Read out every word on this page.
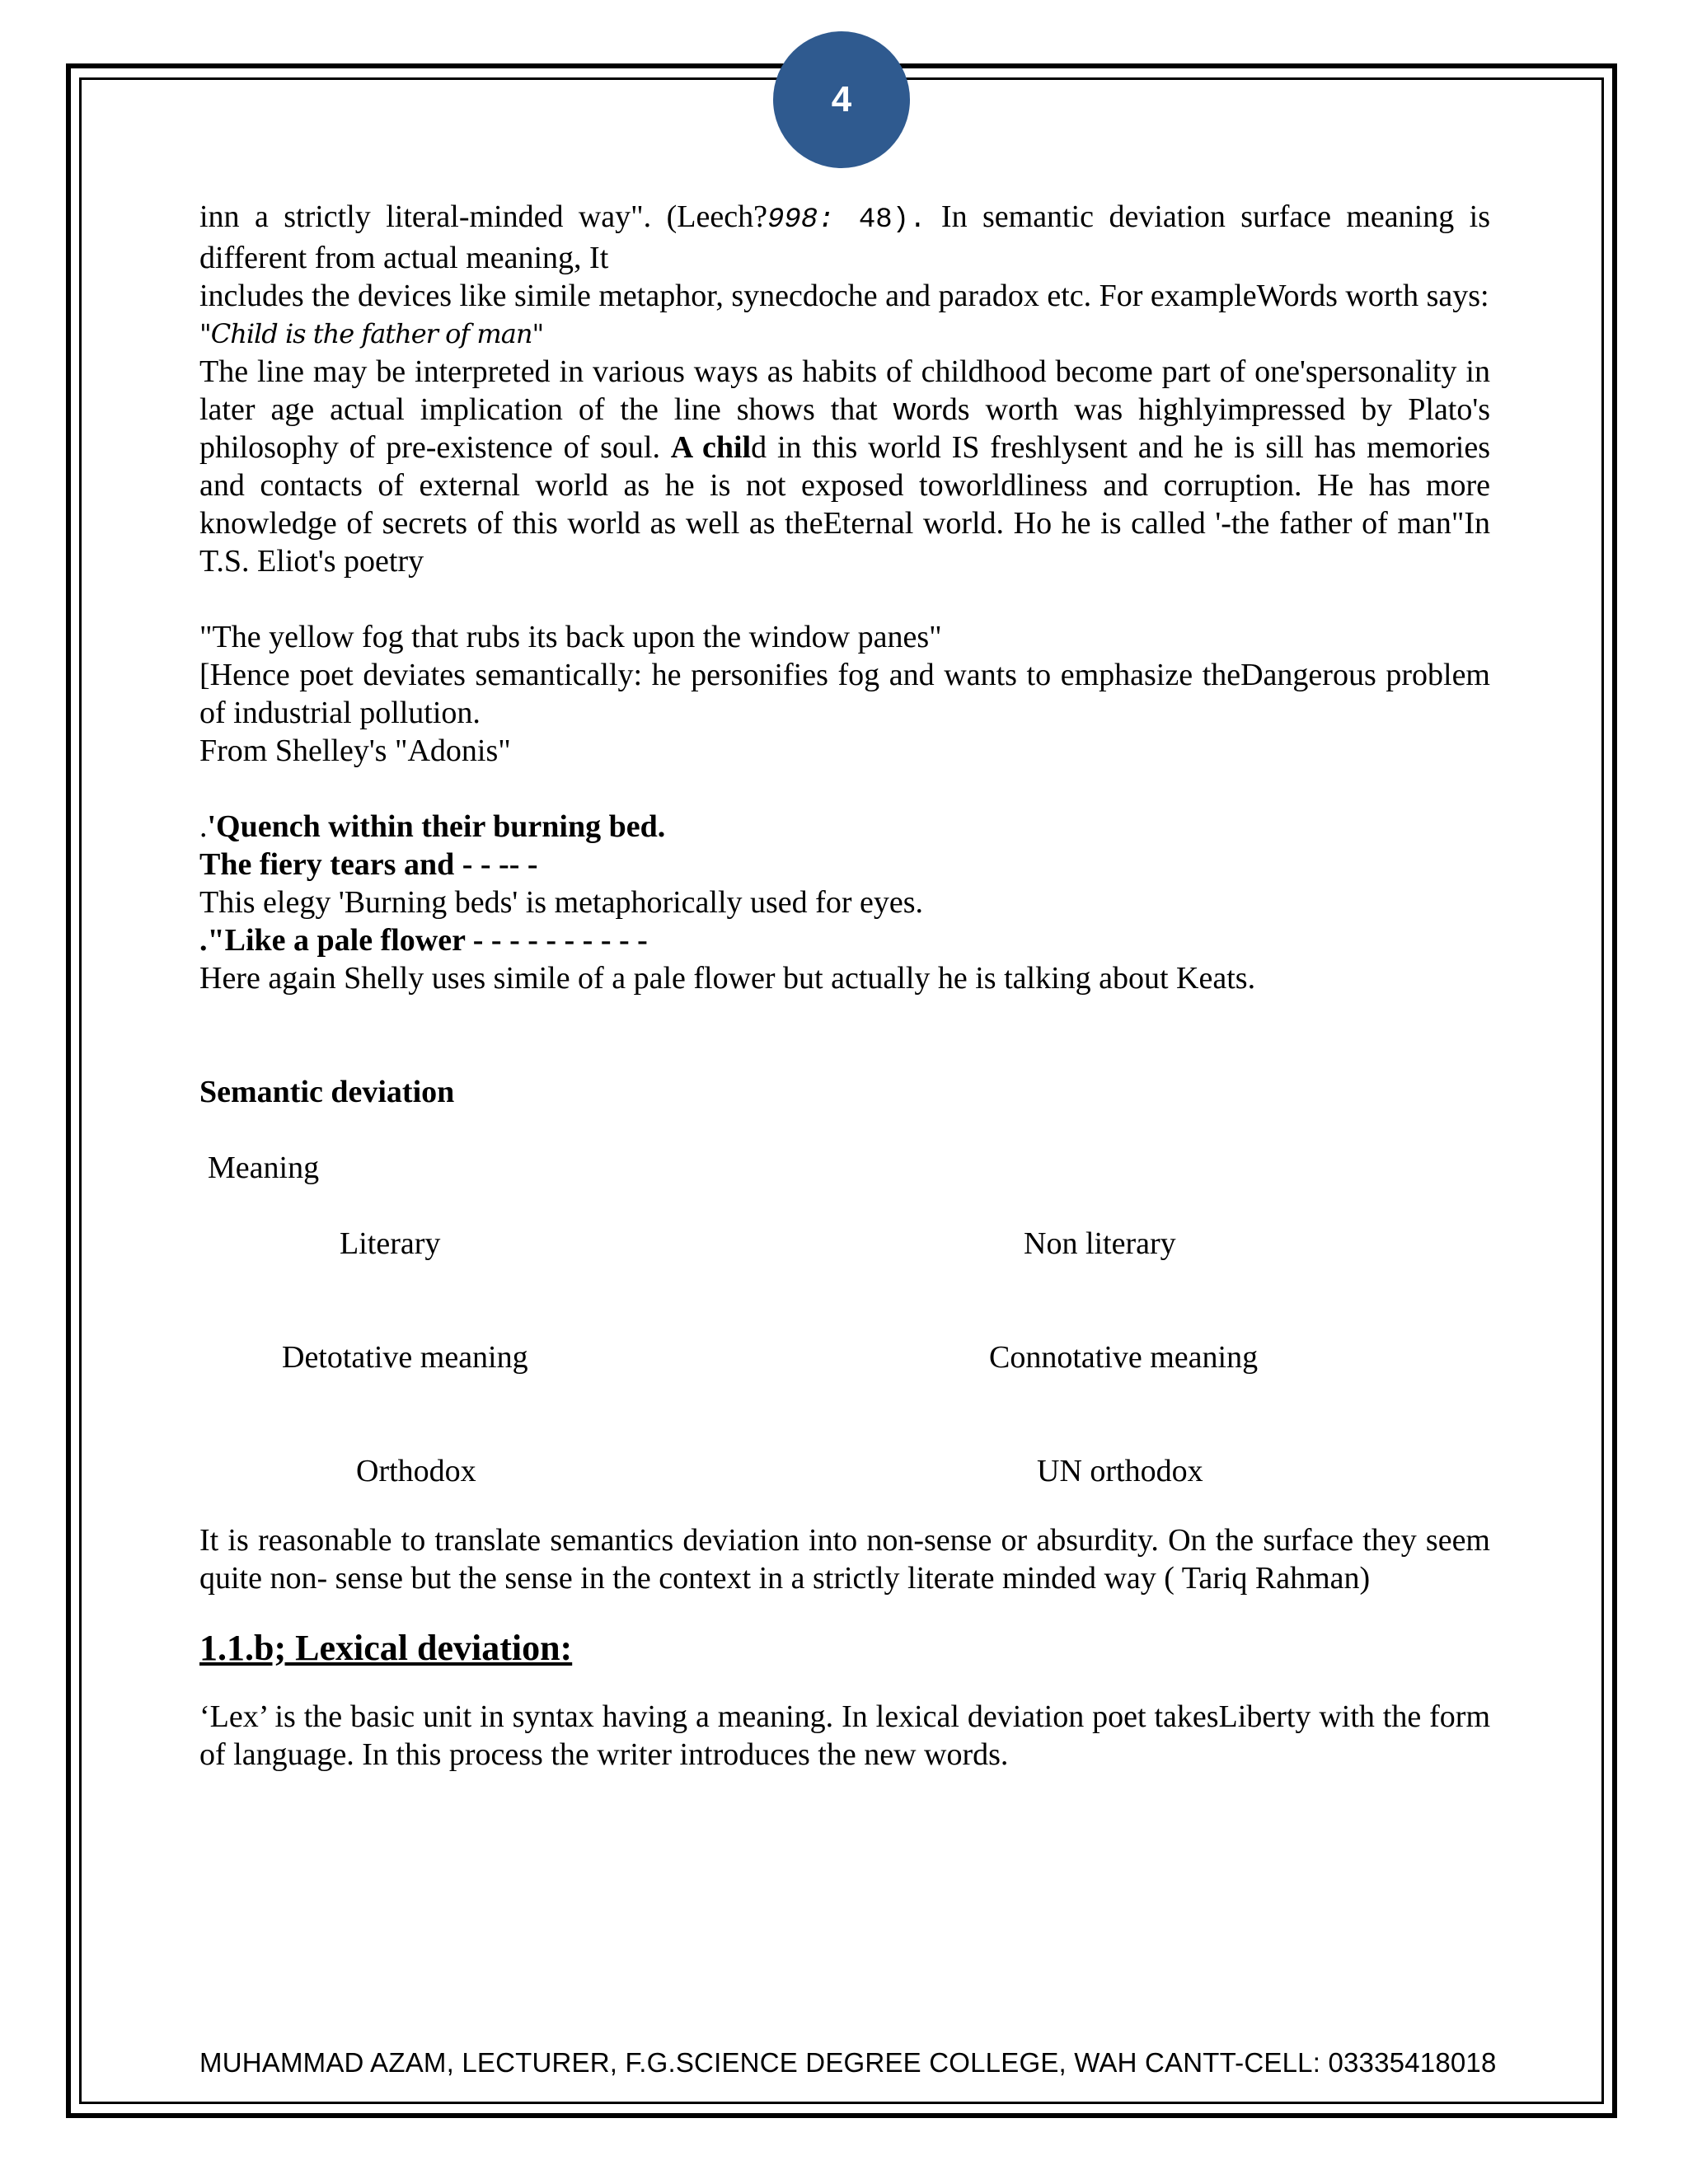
4

inn a strictly literal-minded way". (Leech?998: 48). In semantic deviation surface meaning is different from actual meaning, It

includes the devices like simile metaphor, synecdoche and paradox etc. For exampleWords worth says:

"Child is the father of man"

The line may be interpreted in various ways as habits of childhood become part of one'spersonality in later age actual implication of the line shows that words worth was highlyimpressed by Plato's philosophy of pre-existence of soul. A child in this world IS freshlysent and he is sill has memories and contacts of external world as he is not exposed toworldliness and corruption. He has more knowledge of secrets of this world as well as theEternal world. Ho he is called '-the father of man"In T.S. Eliot's poetry

"The yellow fog that rubs its back upon the window panes"

[Hence poet deviates semantically: he personifies fog and wants to emphasize theDangerous problem of industrial pollution.

From Shelley's "Adonis"

.'Quench within their burning bed.

The fiery tears and - - -- -

This elegy 'Burning beds' is metaphorically used for eyes.

."Like a pale flower - - - - - - - - - -

Here again Shelly uses simile of a pale flower but actually he is talking about Keats.

Semantic deviation

Meaning
Literary	Non literary
Detotative meaning	Connotative meaning
Orthodox	UN orthodox

It is reasonable to translate semantics deviation into non-sense or absurdity. On the surface they seem quite non- sense but the sense in the context in a strictly literate minded way ( Tariq Rahman)

1.1.b; Lexical deviation:

‘Lex’ is the basic unit in syntax having a meaning. In lexical deviation poet takesLiberty with the form of language. In this process the writer introduces the new words.

MUHAMMAD AZAM, LECTURER, F.G.SCIENCE DEGREE COLLEGE, WAH CANTT-CELL: 03335418018
